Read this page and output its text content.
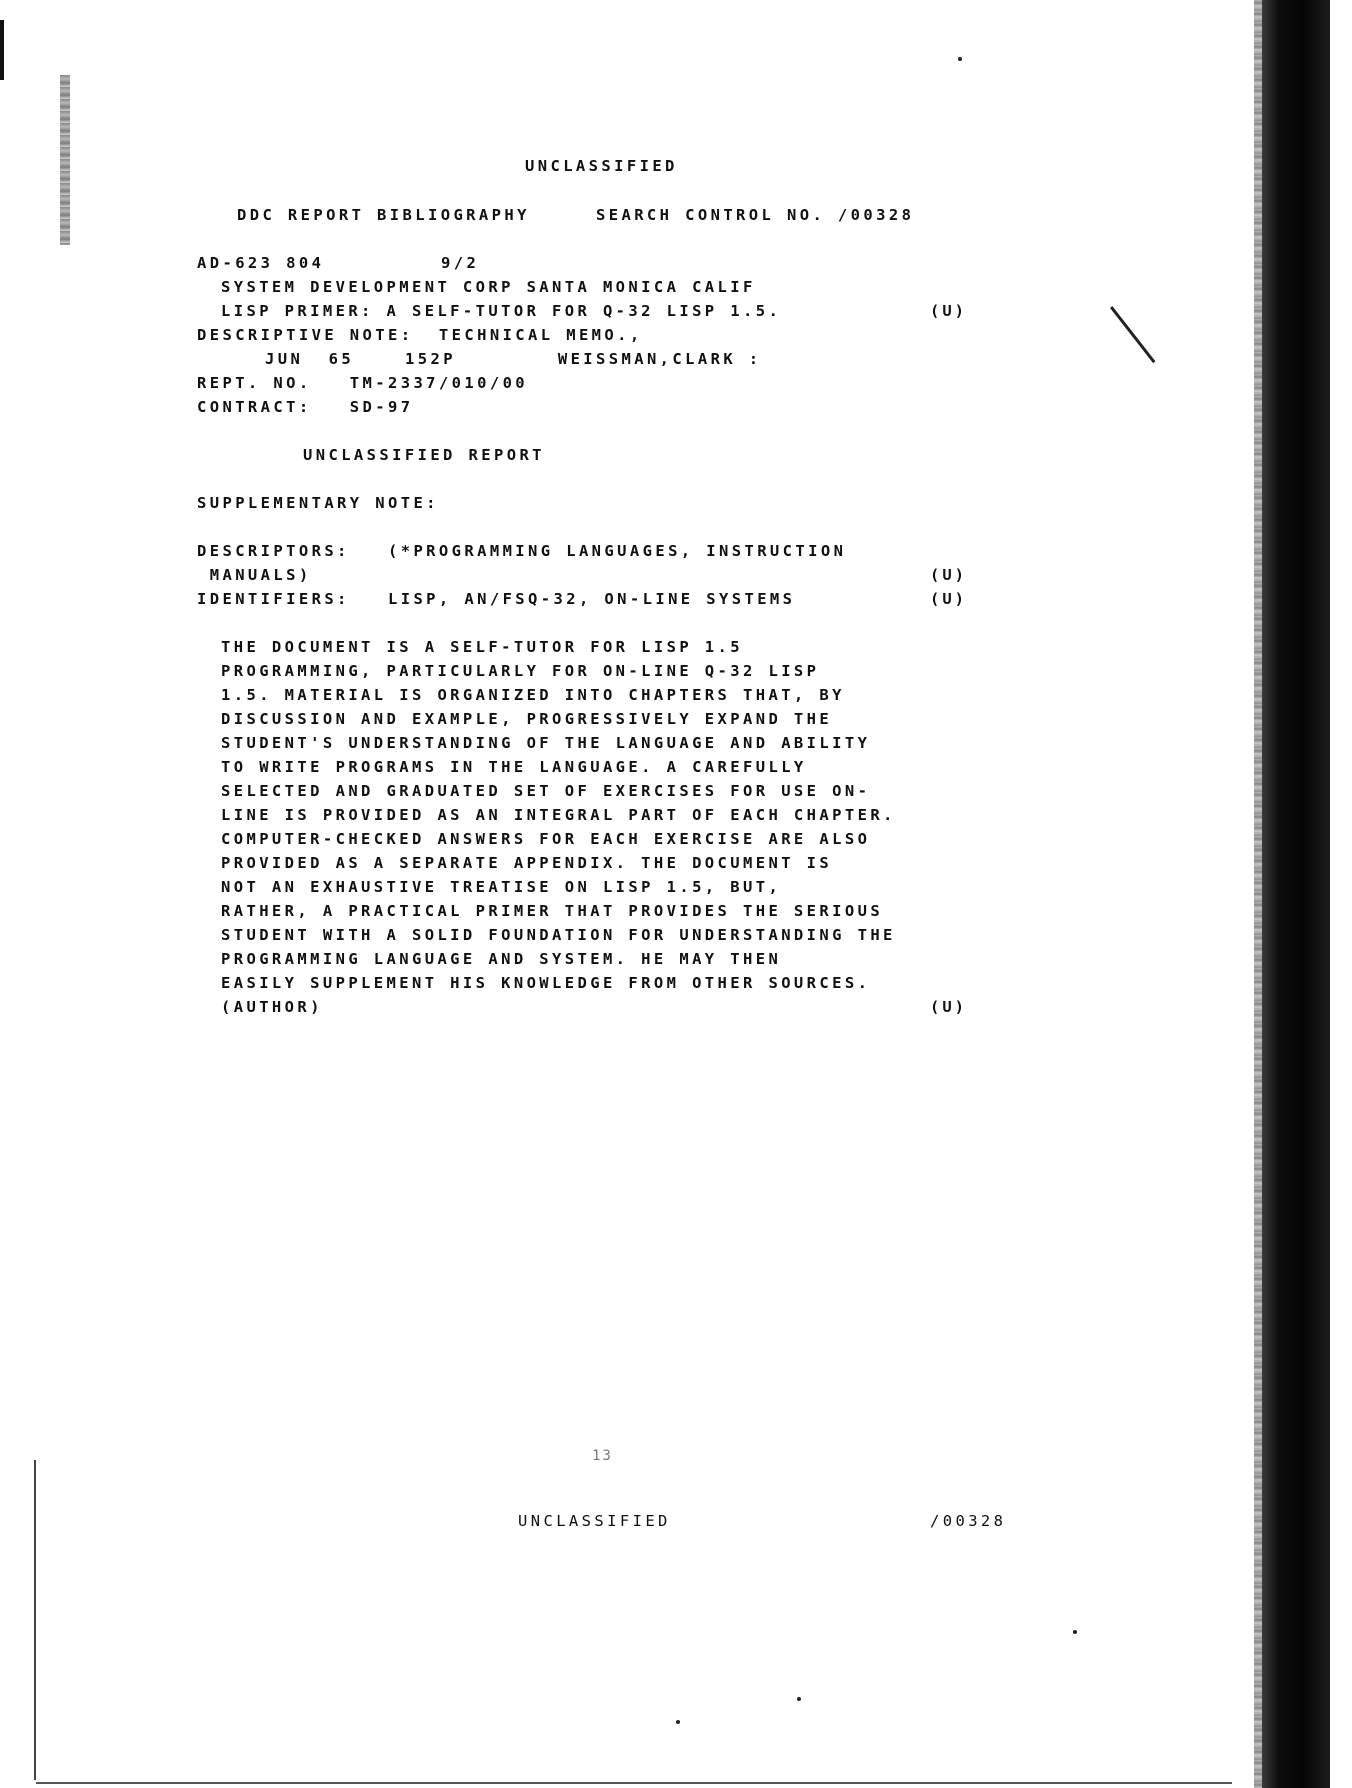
UNCLASSIFIED
DDC REPORT BIBLIOGRAPHY	SEARCH CONTROL NO. /00328
AD-623 804	9/2
SYSTEM DEVELOPMENT CORP SANTA MONICA CALIF
LISP PRIMER: A SELF-TUTOR FOR Q-32 LISP 1.5.	(U)
DESCRIPTIVE NOTE:  TECHNICAL MEMO.,
JUN  65    152P        WEISSMAN,CLARK :
REPT. NO.   TM-2337/010/00
CONTRACT:   SD-97
UNCLASSIFIED REPORT
SUPPLEMENTARY NOTE:
DESCRIPTORS:   (*PROGRAMMING LANGUAGES, INSTRUCTION
MANUALS)	(U)
IDENTIFIERS:   LISP, AN/FSQ-32, ON-LINE SYSTEMS	(U)
THE DOCUMENT IS A SELF-TUTOR FOR LISP 1.5
PROGRAMMING, PARTICULARLY FOR ON-LINE Q-32 LISP
1.5. MATERIAL IS ORGANIZED INTO CHAPTERS THAT, BY
DISCUSSION AND EXAMPLE, PROGRESSIVELY EXPAND THE
STUDENT'S UNDERSTANDING OF THE LANGUAGE AND ABILITY
TO WRITE PROGRAMS IN THE LANGUAGE. A CAREFULLY
SELECTED AND GRADUATED SET OF EXERCISES FOR USE ON-
LINE IS PROVIDED AS AN INTEGRAL PART OF EACH CHAPTER.
COMPUTER-CHECKED ANSWERS FOR EACH EXERCISE ARE ALSO
PROVIDED AS A SEPARATE APPENDIX. THE DOCUMENT IS
NOT AN EXHAUSTIVE TREATISE ON LISP 1.5, BUT,
RATHER, A PRACTICAL PRIMER THAT PROVIDES THE SERIOUS
STUDENT WITH A SOLID FOUNDATION FOR UNDERSTANDING THE
PROGRAMMING LANGUAGE AND SYSTEM. HE MAY THEN
EASILY SUPPLEMENT HIS KNOWLEDGE FROM OTHER SOURCES.
(AUTHOR)	(U)
13
UNCLASSIFIED	/00328
